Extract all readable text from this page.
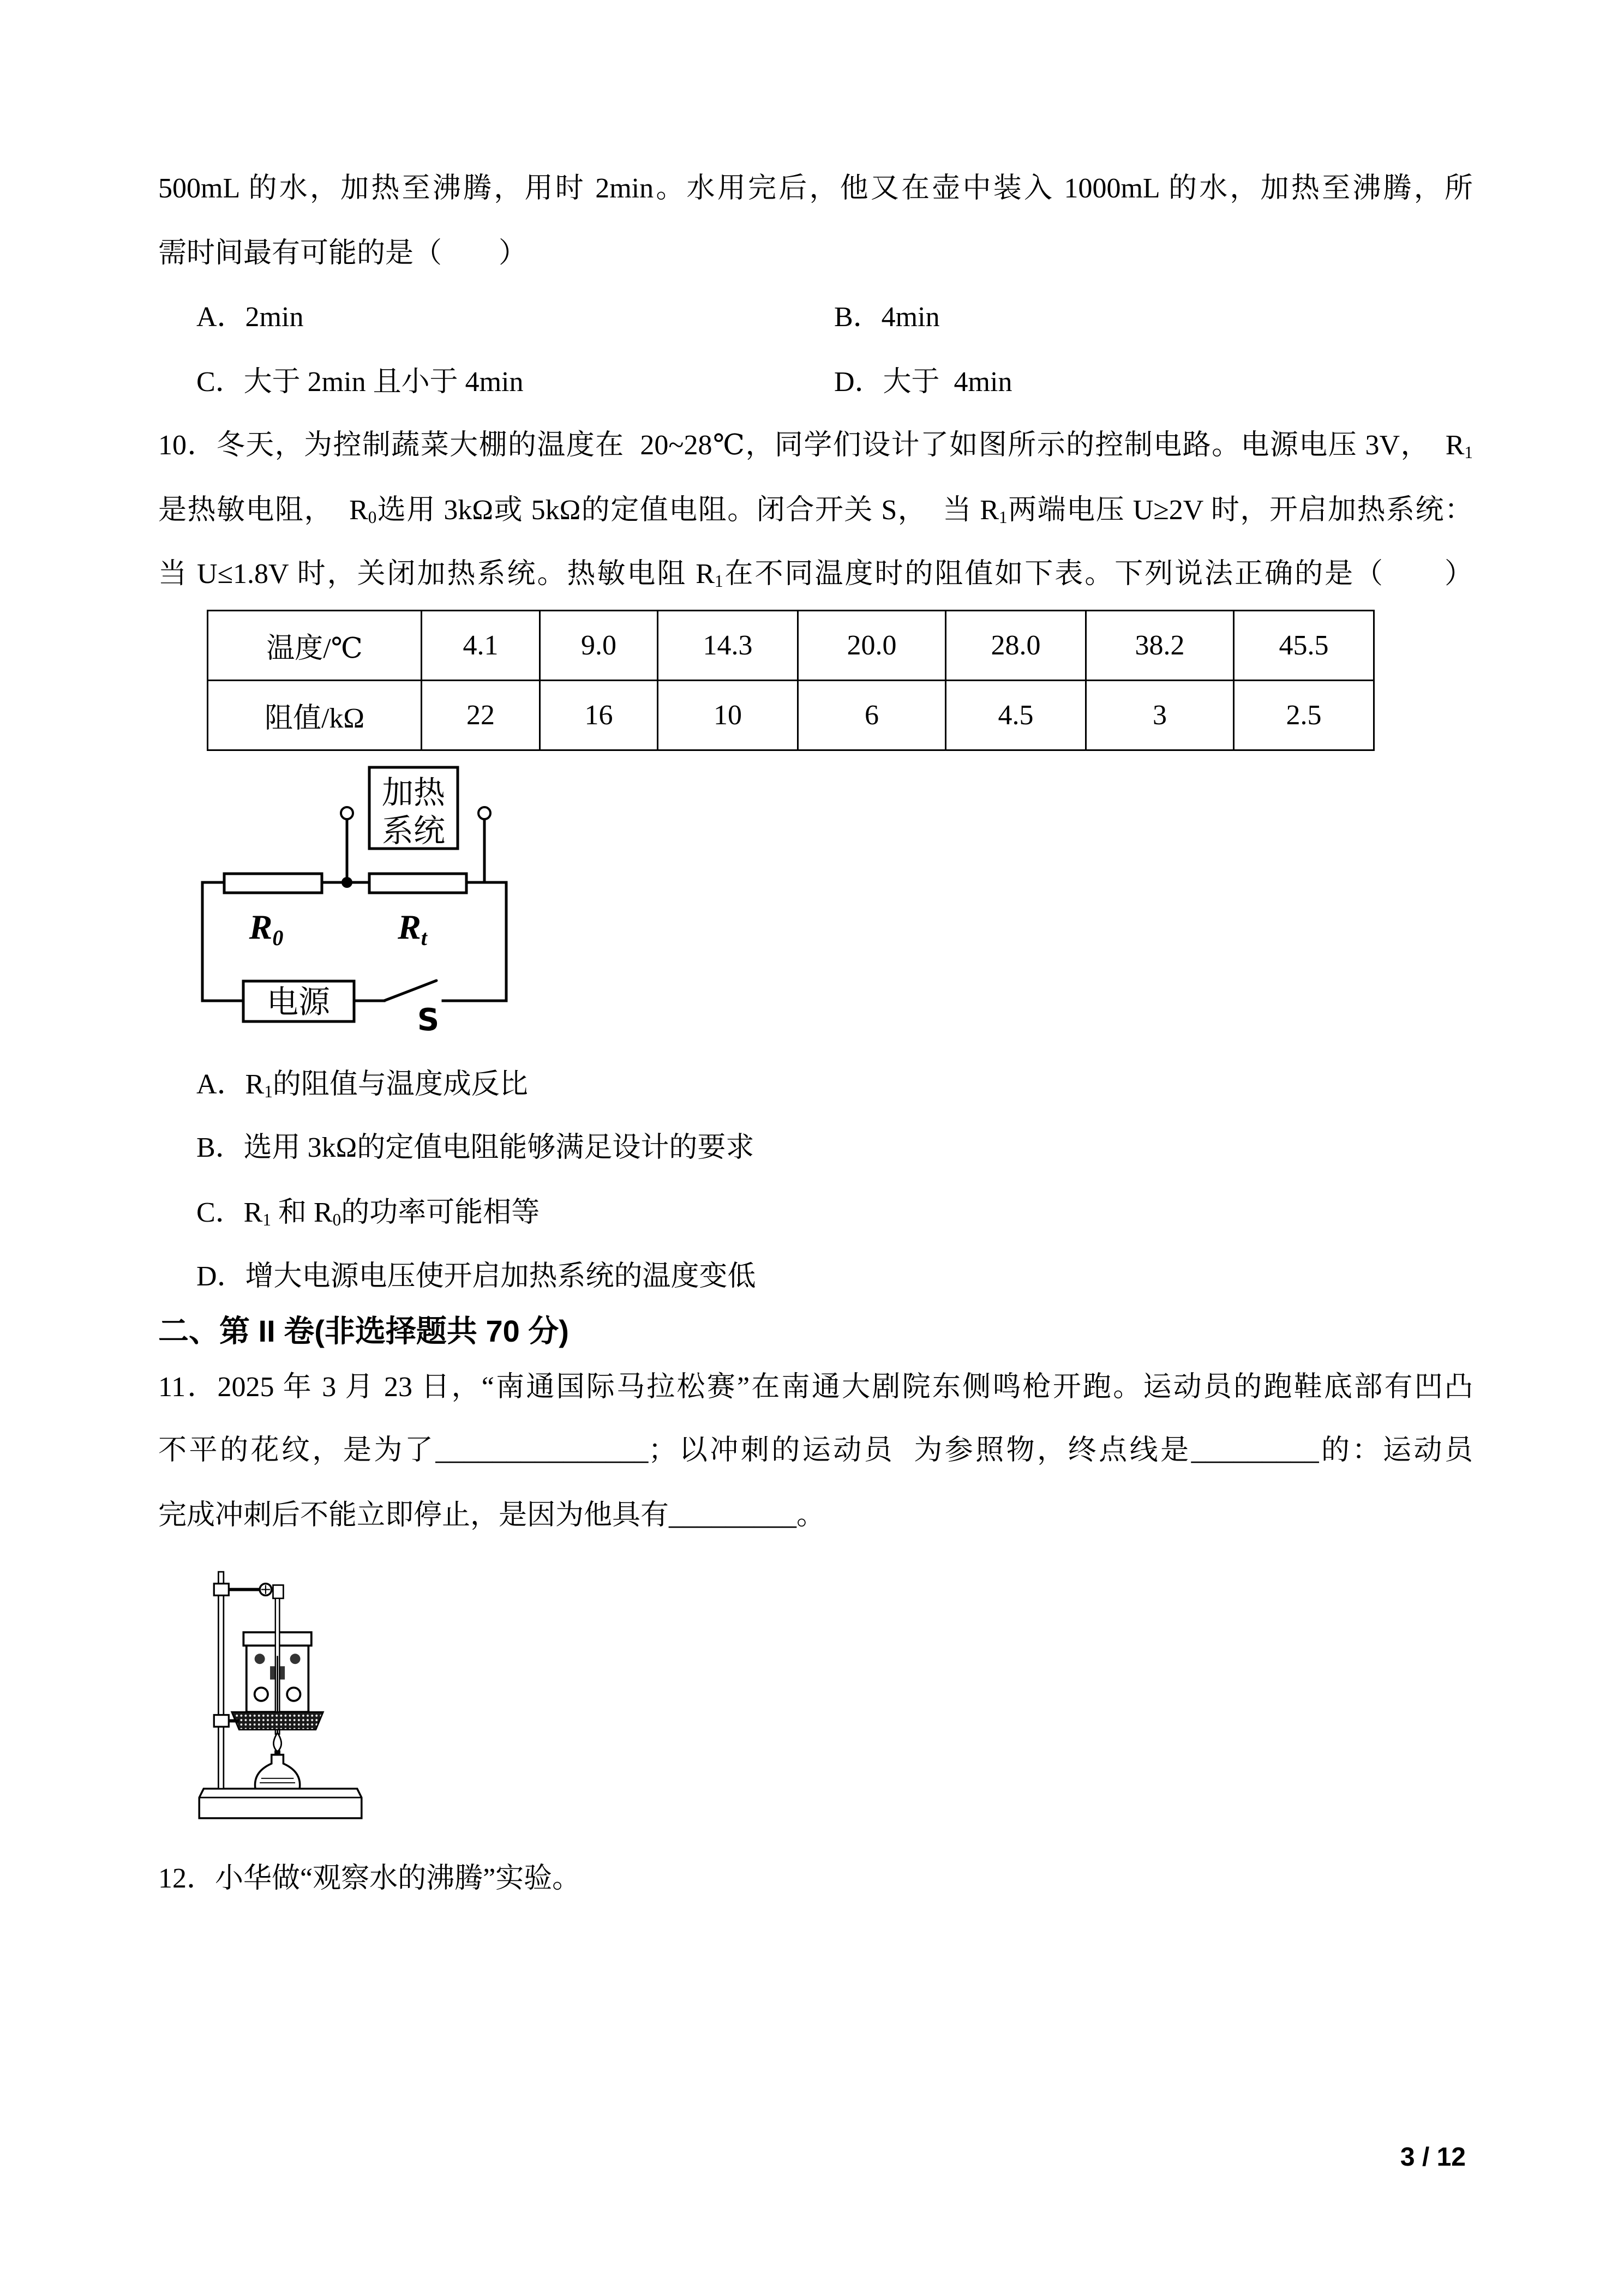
500mL 的水，加热至沸腾，用时 2min。水用完后，他又在壶中装入 1000mL 的水，加热至沸腾，所
需时间最有可能的是（　　）
A．2min	B．4min
C．大于 2min 且小于 4min	D．大于  4min
10．冬天，为控制蔬菜大棚的温度在  20~28℃，同学们设计了如图所示的控制电路。电源电压 3V，  $R_1$
是热敏电阻，  $R_0$选用 3kΩ或 5kΩ的定值电阻。闭合开关 S，  当 $R_1$两端电压 U≥2V 时，开启加热系统：
当 U≤1.8V 时，关闭加热系统。热敏电阻 $R_1$在不同温度时的阻值如下表。下列说法正确的是（　　）
温度/℃	4.1	9.0	14.3	20.0	28.0	38.2	45.5
阻值/kΩ	22	16	10	6	4.5	3	2.5
加热
系统
电源
R0	Rt
S
A．$R_1$的阻值与温度成反比
B．选用 3kΩ的定值电阻能够满足设计的要求
C．$R_1$ 和 $R_0$的功率可能相等
D．增大电源电压使开启加热系统的温度变低
二、第 II 卷(非选择题共 70 分)
11．2025 年 3 月 23 日，“南通国际马拉松赛”在南通大剧院东侧鸣枪开跑。运动员的跑鞋底部有凹凸
不平的花纹，是为了_______________；以冲刺的运动员  为参照物，终点线是_________的：运动员
完成冲刺后不能立即停止，是因为他具有_________。
12．小华做“观察水的沸腾”实验。
3 / 12
